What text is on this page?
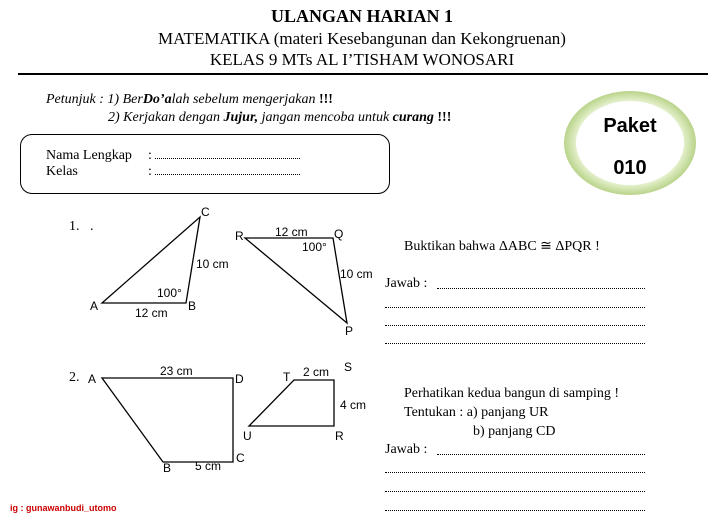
ULANGAN HARIAN 1
MATEMATIKA (materi Kesebangunan dan Kekongruenan)
KELAS 9 MTs AL I’TISHAM WONOSARI
Petunjuk : 1) BerDo’alah sebelum mengerjakan !!!
2) Kerjakan dengan Jujur, jangan mencoba untuk curang !!!
Nama Lengkap :
Kelas	:
Paket
010
1. .
A	B
C
10 cm
12 cm
100°
R	Q
P
12 cm
10 cm
100°
A	D
B
C
23 cm
5 cm
T
S
U	R
2 cm
4 cm
Buktikan bahwa ΔABC ≅ ΔPQR !
Jawab :
2.
Perhatikan kedua bangun di samping !
Tentukan : a) panjang UR
b) panjang CD
Jawab :
ig : gunawanbudi_utomo
